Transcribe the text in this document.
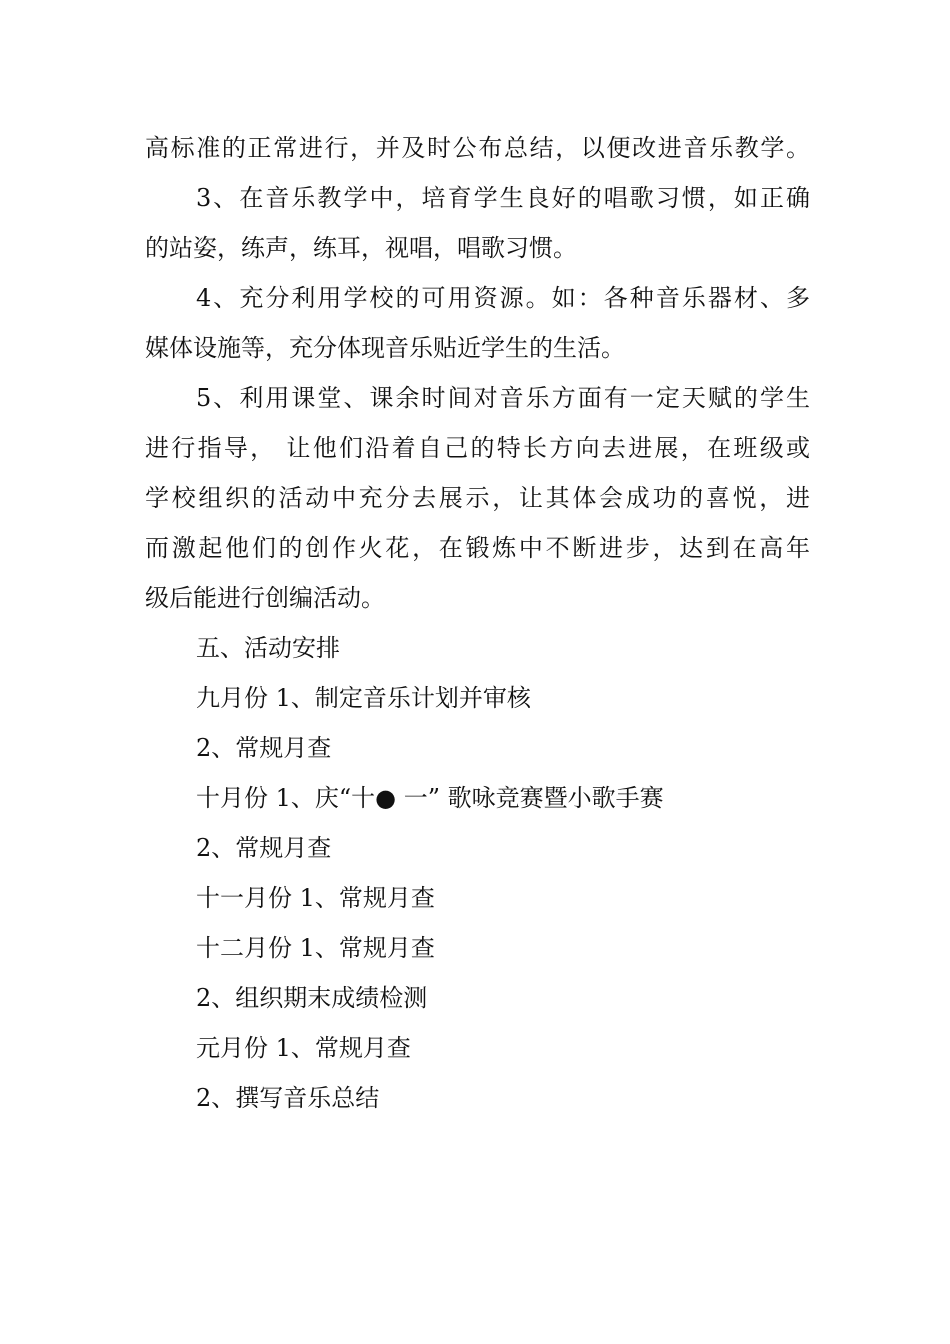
高标准的正常进行，并及时公布总结，以便改进音乐教学。
3、在音乐教学中，培育学生良好的唱歌习惯，如正确
的站姿，练声，练耳，视唱，唱歌习惯。
4、充分利用学校的可用资源。如：各种音乐器材、多
媒体设施等，充分体现音乐贴近学生的生活。
5、利用课堂、课余时间对音乐方面有一定天赋的学生
进行指导， 让他们沿着自己的特长方向去进展，在班级或
学校组织的活动中充分去展示，让其体会成功的喜悦，进
而激起他们的创作火花，在锻炼中不断进步，达到在高年
级后能进行创编活动。
五、活动安排
九月份 1、制定音乐计划并审核
2、常规月查
十月份 1、庆“十● 一” 歌咏竞赛暨小歌手赛
2、常规月查
十一月份 1、常规月查
十二月份 1、常规月查
2、组织期末成绩检测
元月份 1、常规月查
2、撰写音乐总结
